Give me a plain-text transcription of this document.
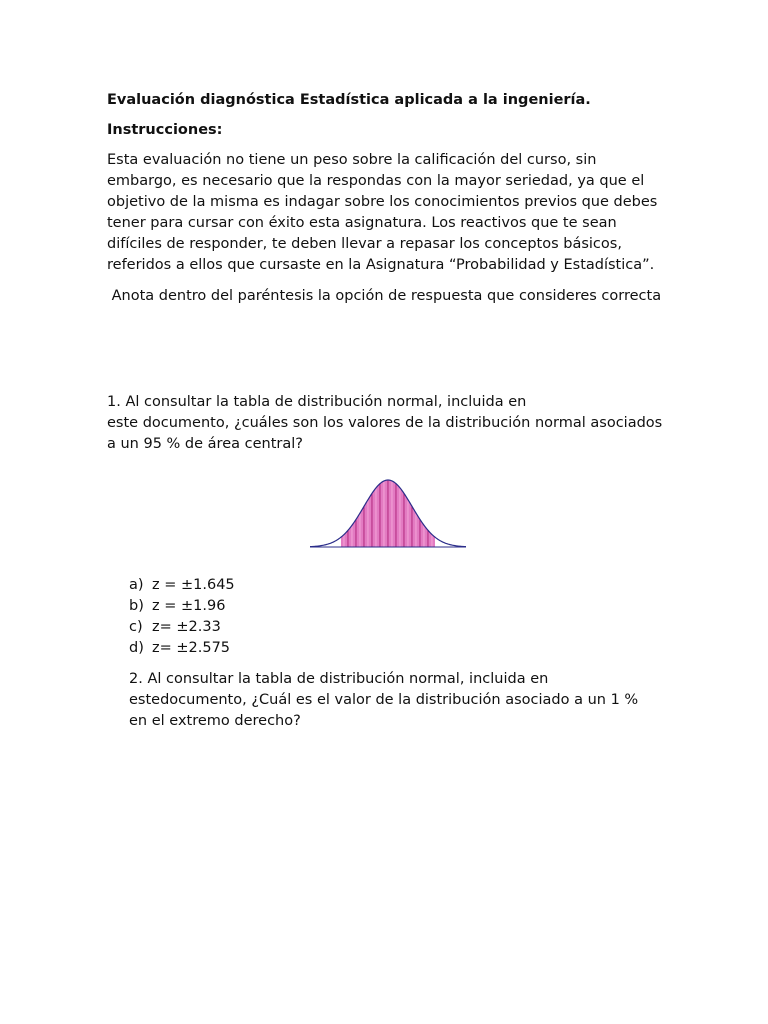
Evaluación diagnóstica Estadística aplicada a la ingeniería.

Instrucciones:

Esta evaluación no tiene un peso sobre la calificación del curso, sin embargo, es necesario que la respondas con la mayor seriedad, ya que el objetivo de la misma es indagar sobre los conocimientos previos que debes tener para cursar con éxito esta asignatura. Los reactivos que te sean difíciles de responder, te deben llevar a repasar los conceptos básicos, referidos a ellos que cursaste en la Asignatura “Probabilidad y Estadística”.

Anota dentro del paréntesis la opción de respuesta que consideres correcta

1. Al consultar la tabla de distribución normal, incluida en
este documento, ¿cuáles son los valores de la distribución normal asociados a un 95 % de área central?
a) z = ±1.645
b) z = ±1.96
c) z= ±2.33
d) z= ±2.575

2. Al consultar la tabla de distribución normal, incluida en estedocumento, ¿Cuál es el valor de la distribución asociado a un 1 % en el extremo derecho?
